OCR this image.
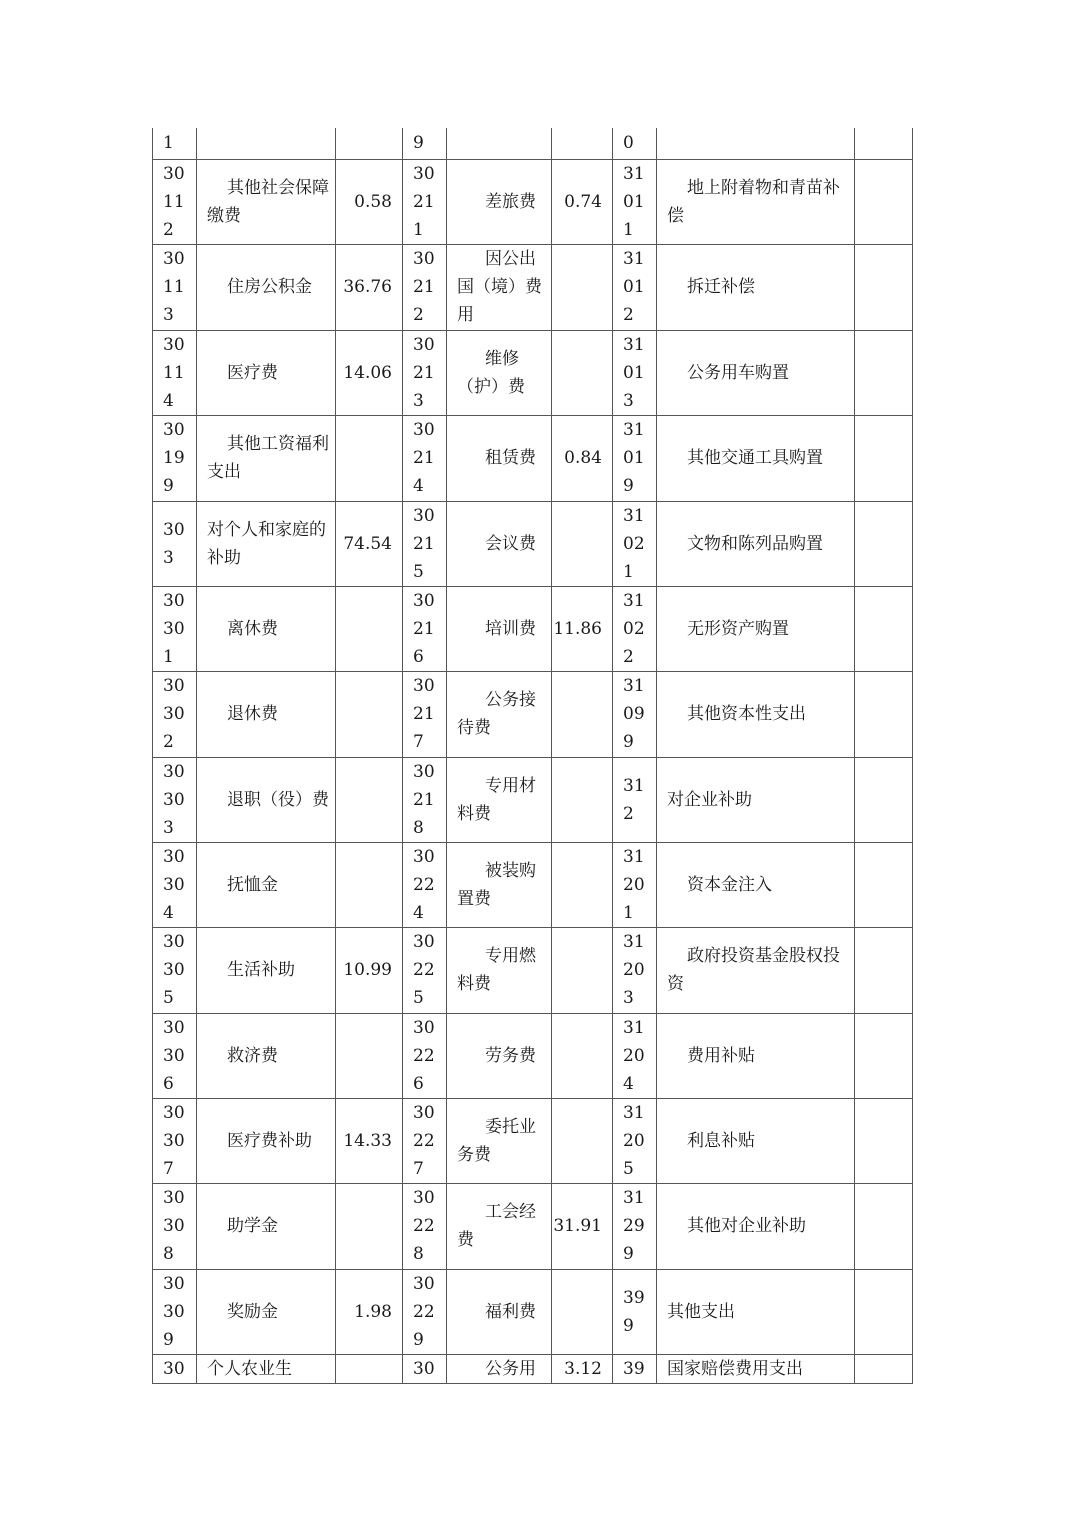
1			9			0		

30112	其他社会保障缴费	0.58	30211	差旅费	0.74	31011	地上附着物和青苗补偿	

30113	住房公积金	36.76	30212	因公出国（境）费用		31012	拆迁补偿	

30114	医疗费	14.06	30213	维修（护）费		31013	公务用车购置	

30199	其他工资福利支出		30214	租赁费	0.84	31019	其他交通工具购置	

303	对个人和家庭的补助	74.54	30215	会议费		31021	文物和陈列品购置	

30301	离休费		30216	培训费	11.86	31022	无形资产购置	

30302	退休费		30217	公务接待费		31099	其他资本性支出	

30303	退职（役）费		30218	专用材料费		312	对企业补助	

30304	抚恤金		30224	被装购置费		31201	资本金注入	

30305	生活补助	10.99	30225	专用燃料费		31203	政府投资基金股权投资	

30306	救济费		30226	劳务费		31204	费用补贴	

30307	医疗费补助	14.33	30227	委托业务费		31205	利息补贴	

30308	助学金		30228	工会经费	31.91	31299	其他对企业补助	

30309	奖励金	1.98	30229	福利费		399	其他支出	

30	个人农业生		30	公务用	3.12	39	国家赔偿费用支出	
